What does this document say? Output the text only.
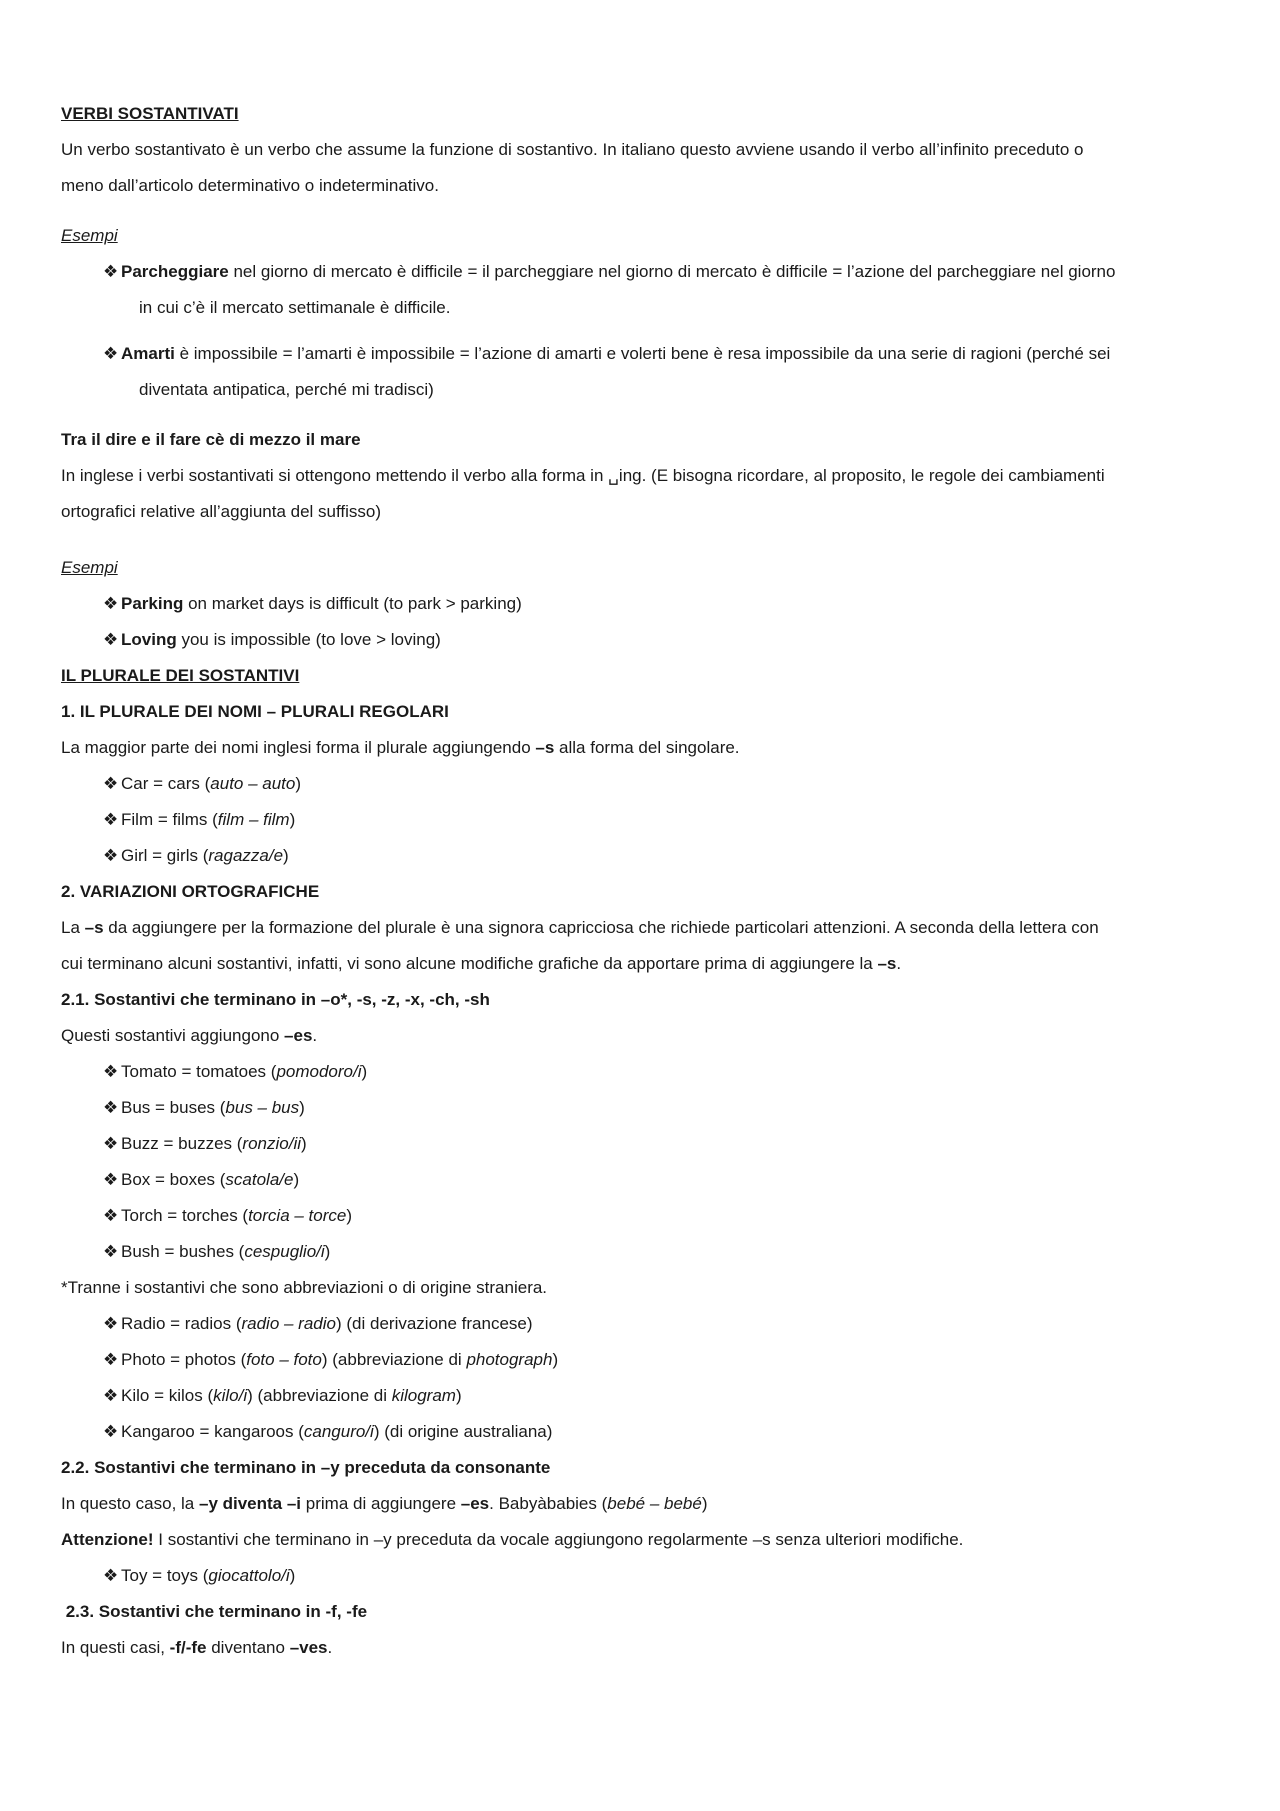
VERBI SOSTANTIVATI
Un verbo sostantivato è un verbo che assume la funzione di sostantivo. In italiano questo avviene usando il verbo all’infinito preceduto o
meno dall’articolo determinativo o indeterminativo.
Esempi
❖ Parcheggiare nel giorno di mercato è difficile = il parcheggiare nel giorno di mercato è difficile = l’azione del parcheggiare nel giorno
in cui c’è il mercato settimanale è difficile.
❖ Amarti è impossibile = l’amarti è impossibile = l’azione di amarti e volerti bene è resa impossibile da una serie di ragioni (perché sei
diventata antipatica, perché mi tradisci)
Tra il dire e il fare cè di mezzo il mare
In inglese i verbi sostantivati si ottengono mettendo il verbo alla forma in ␣ing. (E bisogna ricordare, al proposito, le regole dei cambiamenti
ortografici relative all’aggiunta del suffisso)
Esempi
❖ Parking on market days is difficult (to park > parking)
❖ Loving you is impossible (to love > loving)
IL PLURALE DEI SOSTANTIVI
1. IL PLURALE DEI NOMI – PLURALI REGOLARI
La maggior parte dei nomi inglesi forma il plurale aggiungendo –s alla forma del singolare.
❖ Car = cars (auto – auto)
❖ Film = films (film – film)
❖ Girl = girls (ragazza/e)
2. VARIAZIONI ORTOGRAFICHE
La –s da aggiungere per la formazione del plurale è una signora capricciosa che richiede particolari attenzioni. A seconda della lettera con
cui terminano alcuni sostantivi, infatti, vi sono alcune modifiche grafiche da apportare prima di aggiungere la –s.
2.1. Sostantivi che terminano in –o*, -s, -z, -x, -ch, -sh
Questi sostantivi aggiungono –es.
❖ Tomato = tomatoes (pomodoro/i)
❖ Bus = buses (bus – bus)
❖ Buzz = buzzes (ronzio/ii)
❖ Box = boxes (scatola/e)
❖ Torch = torches (torcia – torce)
❖ Bush = bushes (cespuglio/i)
*Tranne i sostantivi che sono abbreviazioni o di origine straniera.
❖ Radio = radios (radio – radio) (di derivazione francese)
❖ Photo = photos (foto – foto) (abbreviazione di photograph)
❖ Kilo = kilos (kilo/i) (abbreviazione di kilogram)
❖ Kangaroo = kangaroos (canguro/i) (di origine australiana)
2.2. Sostantivi che terminano in –y preceduta da consonante
In questo caso, la –y diventa –i prima di aggiungere –es. Babyàbabies (bebé – bebé)
Attenzione! I sostantivi che terminano in –y preceduta da vocale aggiungono regolarmente –s senza ulteriori modifiche.
❖ Toy = toys (giocattolo/i)
2.3. Sostantivi che terminano in -f, -fe
In questi casi, -f/-fe diventano –ves.
